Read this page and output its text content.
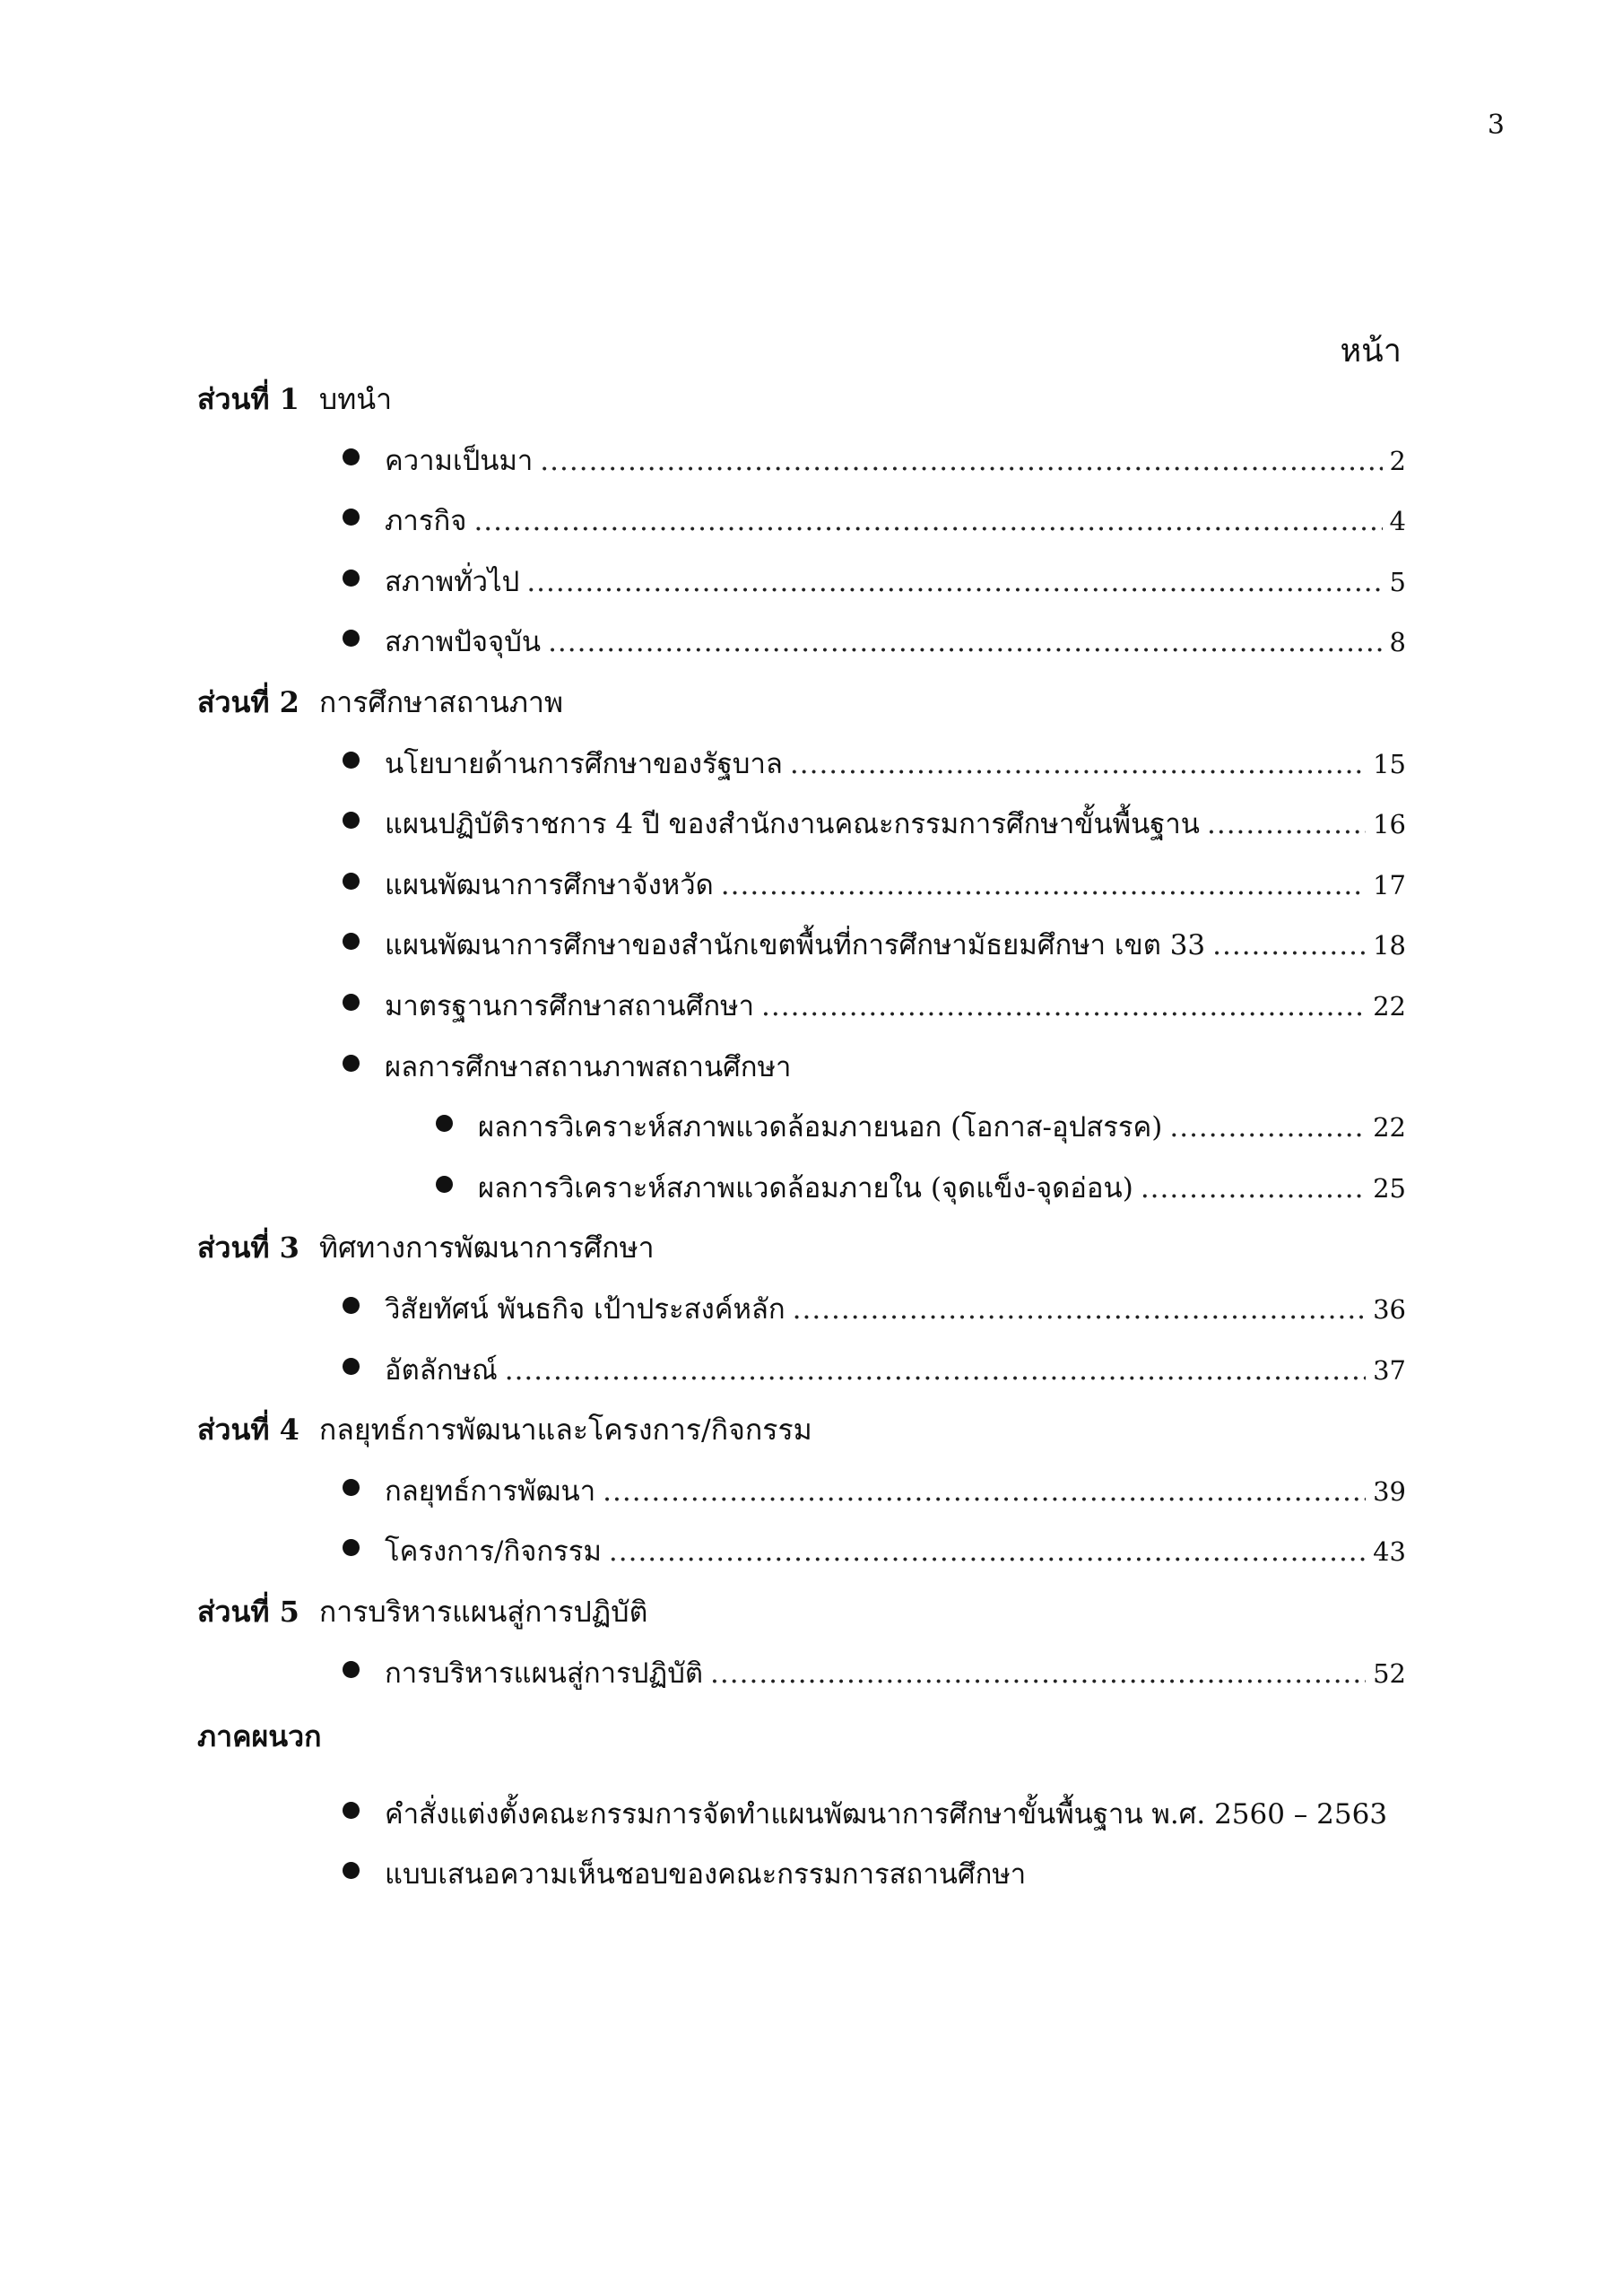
3
หน้า
ส่วนที่ 1 บทนำ
ความเป็นมา .....	2
ภารกิจ .....	4
สภาพทั่วไป .....	5
สภาพปัจจุบัน .....	8
ส่วนที่ 2 การศึกษาสถานภาพ
นโยบายด้านการศึกษาของรัฐบาล .....	15
แผนปฏิบัติราชการ 4 ปี ของสำนักงานคณะกรรมการศึกษาขั้นพื้นฐาน .....	16
แผนพัฒนาการศึกษาจังหวัด .....	17
แผนพัฒนาการศึกษาของสำนักเขตพื้นที่การศึกษามัธยมศึกษา เขต 33 .....	18
มาตรฐานการศึกษาสถานศึกษา .....	22
ผลการศึกษาสถานภาพสถานศึกษา
ผลการวิเคราะห์สภาพแวดล้อมภายนอก (โอกาส-อุปสรรค) .....	22
ผลการวิเคราะห์สภาพแวดล้อมภายใน (จุดแข็ง-จุดอ่อน) .....	25
ส่วนที่ 3 ทิศทางการพัฒนาการศึกษา
วิสัยทัศน์ พันธกิจ เป้าประสงค์หลัก .....	36
อัตลักษณ์ .....	37
ส่วนที่ 4 กลยุทธ์การพัฒนาและโครงการ/กิจกรรม
กลยุทธ์การพัฒนา .....	39
โครงการ/กิจกรรม .....	43
ส่วนที่ 5 การบริหารแผนสู่การปฏิบัติ
การบริหารแผนสู่การปฏิบัติ .....	52
ภาคผนวก
คำสั่งแต่งตั้งคณะกรรมการจัดทำแผนพัฒนาการศึกษาขั้นพื้นฐาน พ.ศ. 2560 – 2563
แบบเสนอความเห็นชอบของคณะกรรมการสถานศึกษา
